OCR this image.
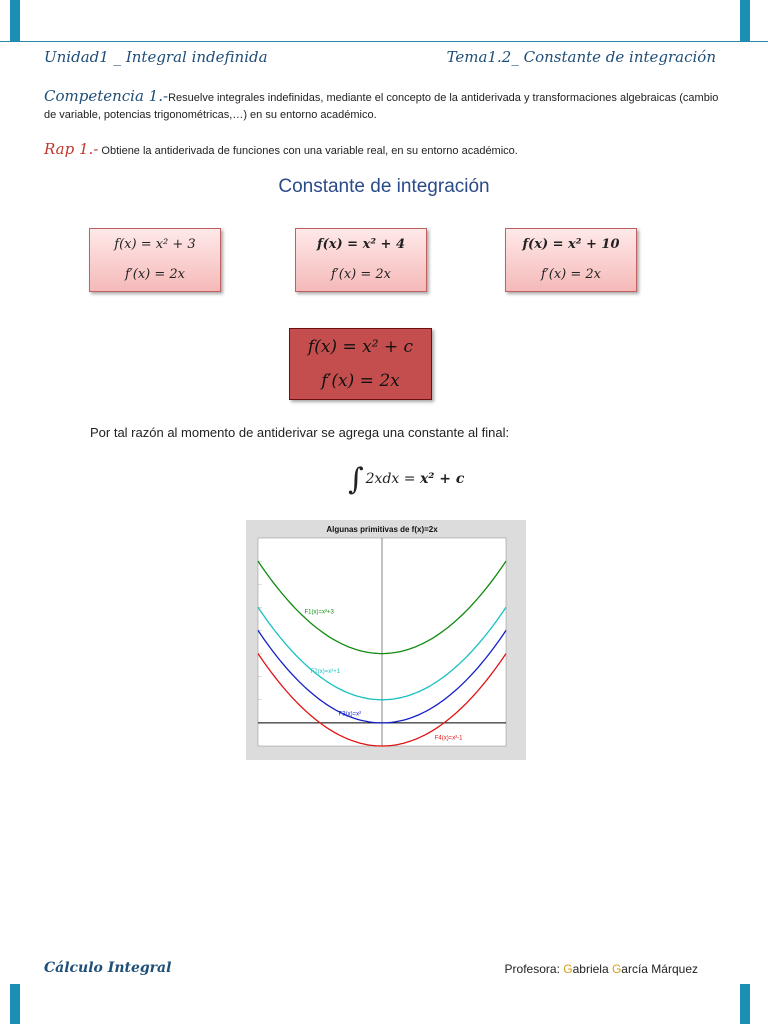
Unidad1 _ Integral indefinida	Tema1.2_ Constante de integración
Competencia 1.-Resuelve integrales indefinidas, mediante el concepto de la antiderivada y transformaciones algebraicas (cambio de variable, potencias trigonométricas,…) en su entorno académico.
Rap 1.- Obtiene la antiderivada de funciones con una variable real, en su entorno académico.
Constante de integración
f(x) = x² + 3
f′(x) = 2x
f(x) = x² + 4
f′(x) = 2x
f(x) = x² + 10
f′(x) = 2x
f(x) = x² + c
f′(x) = 2x
Por tal razón al momento de antiderivar se agrega una constante al final:
∫ 2xdx = x² + c
Algunas primitivas de f(x)=2x
F1(x)=x²+3
F2(x)=x²+1
F3(x)=x²
F4(x)=x²-1
Cálculo Integral	Profesora: Gabriela García Márquez
